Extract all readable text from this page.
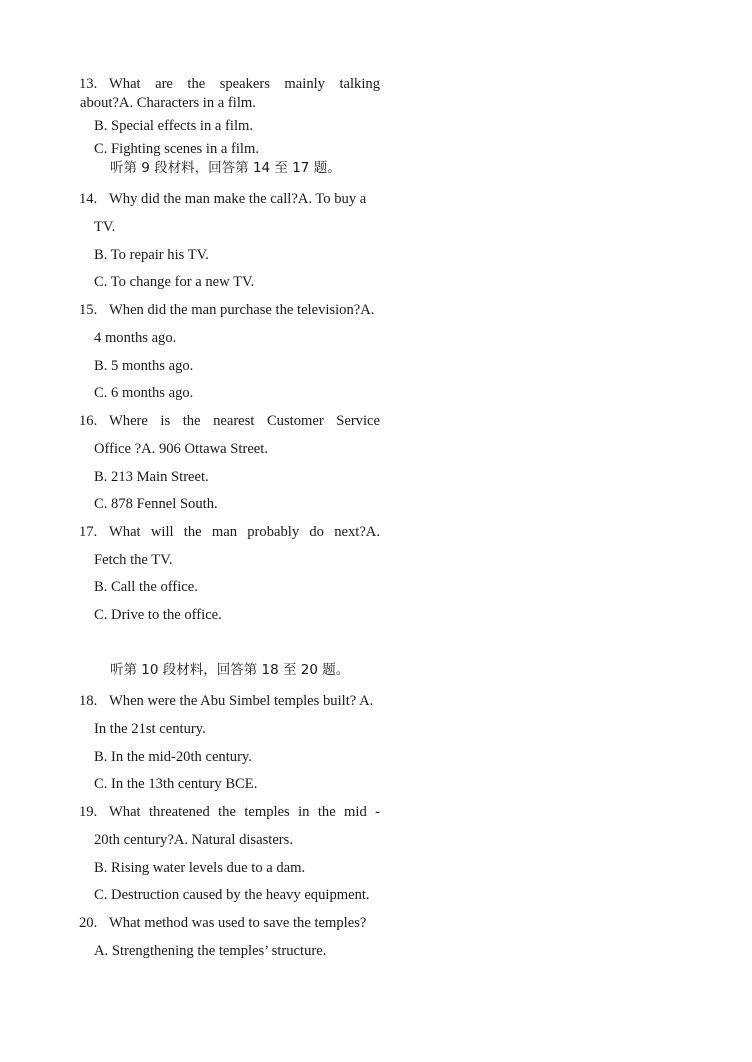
13. What are the speakers mainly talking
about?A. Characters in a film.
B. Special effects in a film.
C. Fighting scenes in a film.
听第 9 段材料，回答第 14 至 17 题。
14. Why did the man make the call?A. To buy a
TV.
B. To repair his TV.
C. To change for a new TV.
15. When did the man purchase the television?A.
4 months ago.
B. 5 months ago.
C. 6 months ago.
16. Where is the nearest Customer Service
Office ?A. 906 Ottawa Street.
B. 213 Main Street.
C. 878 Fennel South.
17. What will the man probably do next?A.
Fetch the TV.
B. Call the office.
C. Drive to the office.
听第 10 段材料，回答第 18 至 20 题。
18. When were the Abu Simbel temples built? A.
In the 21st century.
B. In the mid-20th century.
C. In the 13th century BCE.
19. What threatened the temples in the mid -
20th century?A. Natural disasters.
B. Rising water levels due to a dam.
C. Destruction caused by the heavy equipment.
20. What method was used to save the temples?
A. Strengthening the temples’ structure.
